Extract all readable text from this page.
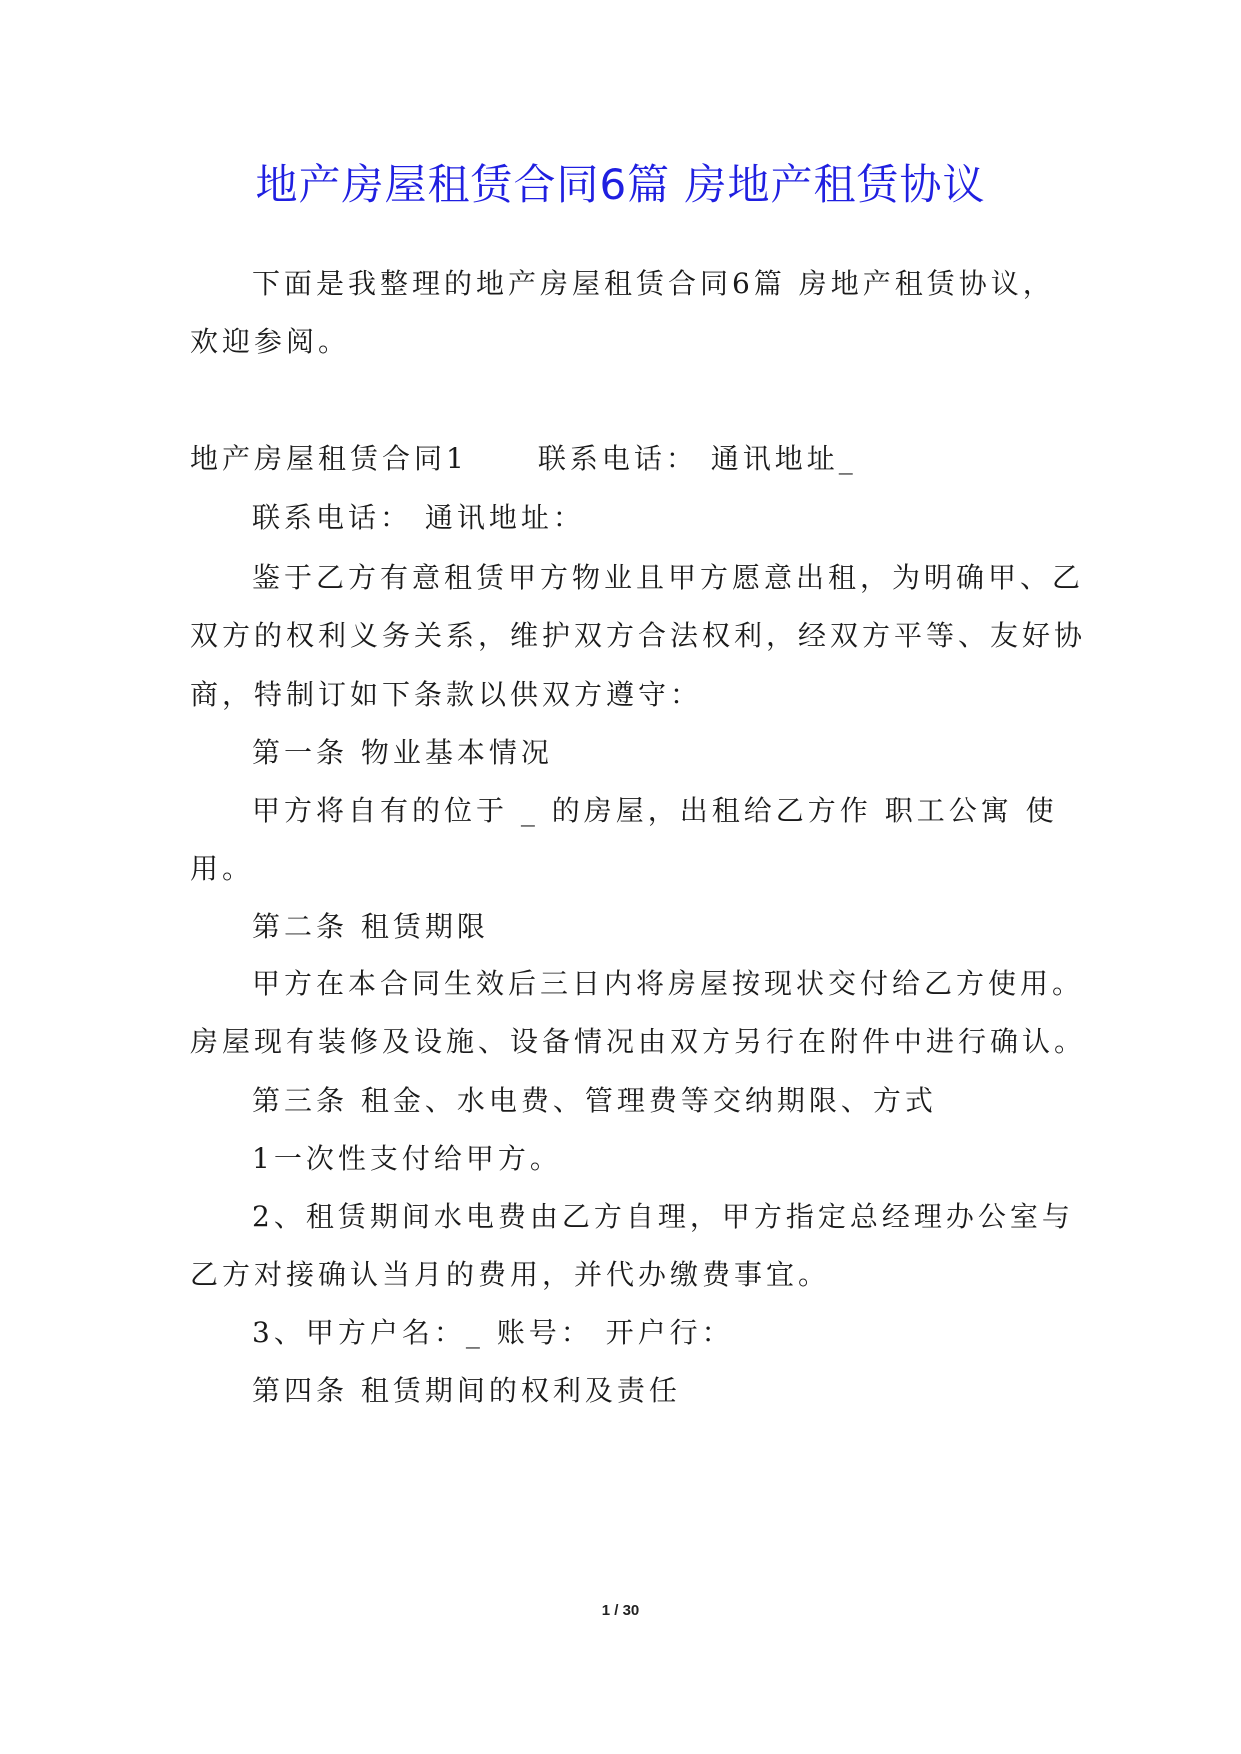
地产房屋租赁合同6篇 房地产租赁协议

下面是我整理的地产房屋租赁合同6篇 房地产租赁协议，

欢迎参阅。

地产房屋租赁合同1	联系电话： 通讯地址_

联系电话： 通讯地址：

鉴于乙方有意租赁甲方物业且甲方愿意出租，为明确甲、乙

双方的权利义务关系，维护双方合法权利，经双方平等、友好协

商，特制订如下条款以供双方遵守：

第一条 物业基本情况

甲方将自有的位于 _ 的房屋，出租给乙方作 职工公寓 使

用。

第二条 租赁期限

甲方在本合同生效后三日内将房屋按现状交付给乙方使用。

房屋现有装修及设施、设备情况由双方另行在附件中进行确认。

第三条 租金、水电费、管理费等交纳期限、方式

1一次性支付给甲方。

2、租赁期间水电费由乙方自理，甲方指定总经理办公室与

乙方对接确认当月的费用，并代办缴费事宜。

3、甲方户名：_ 账号： 开户行：

第四条 租赁期间的权利及责任

1 / 30
